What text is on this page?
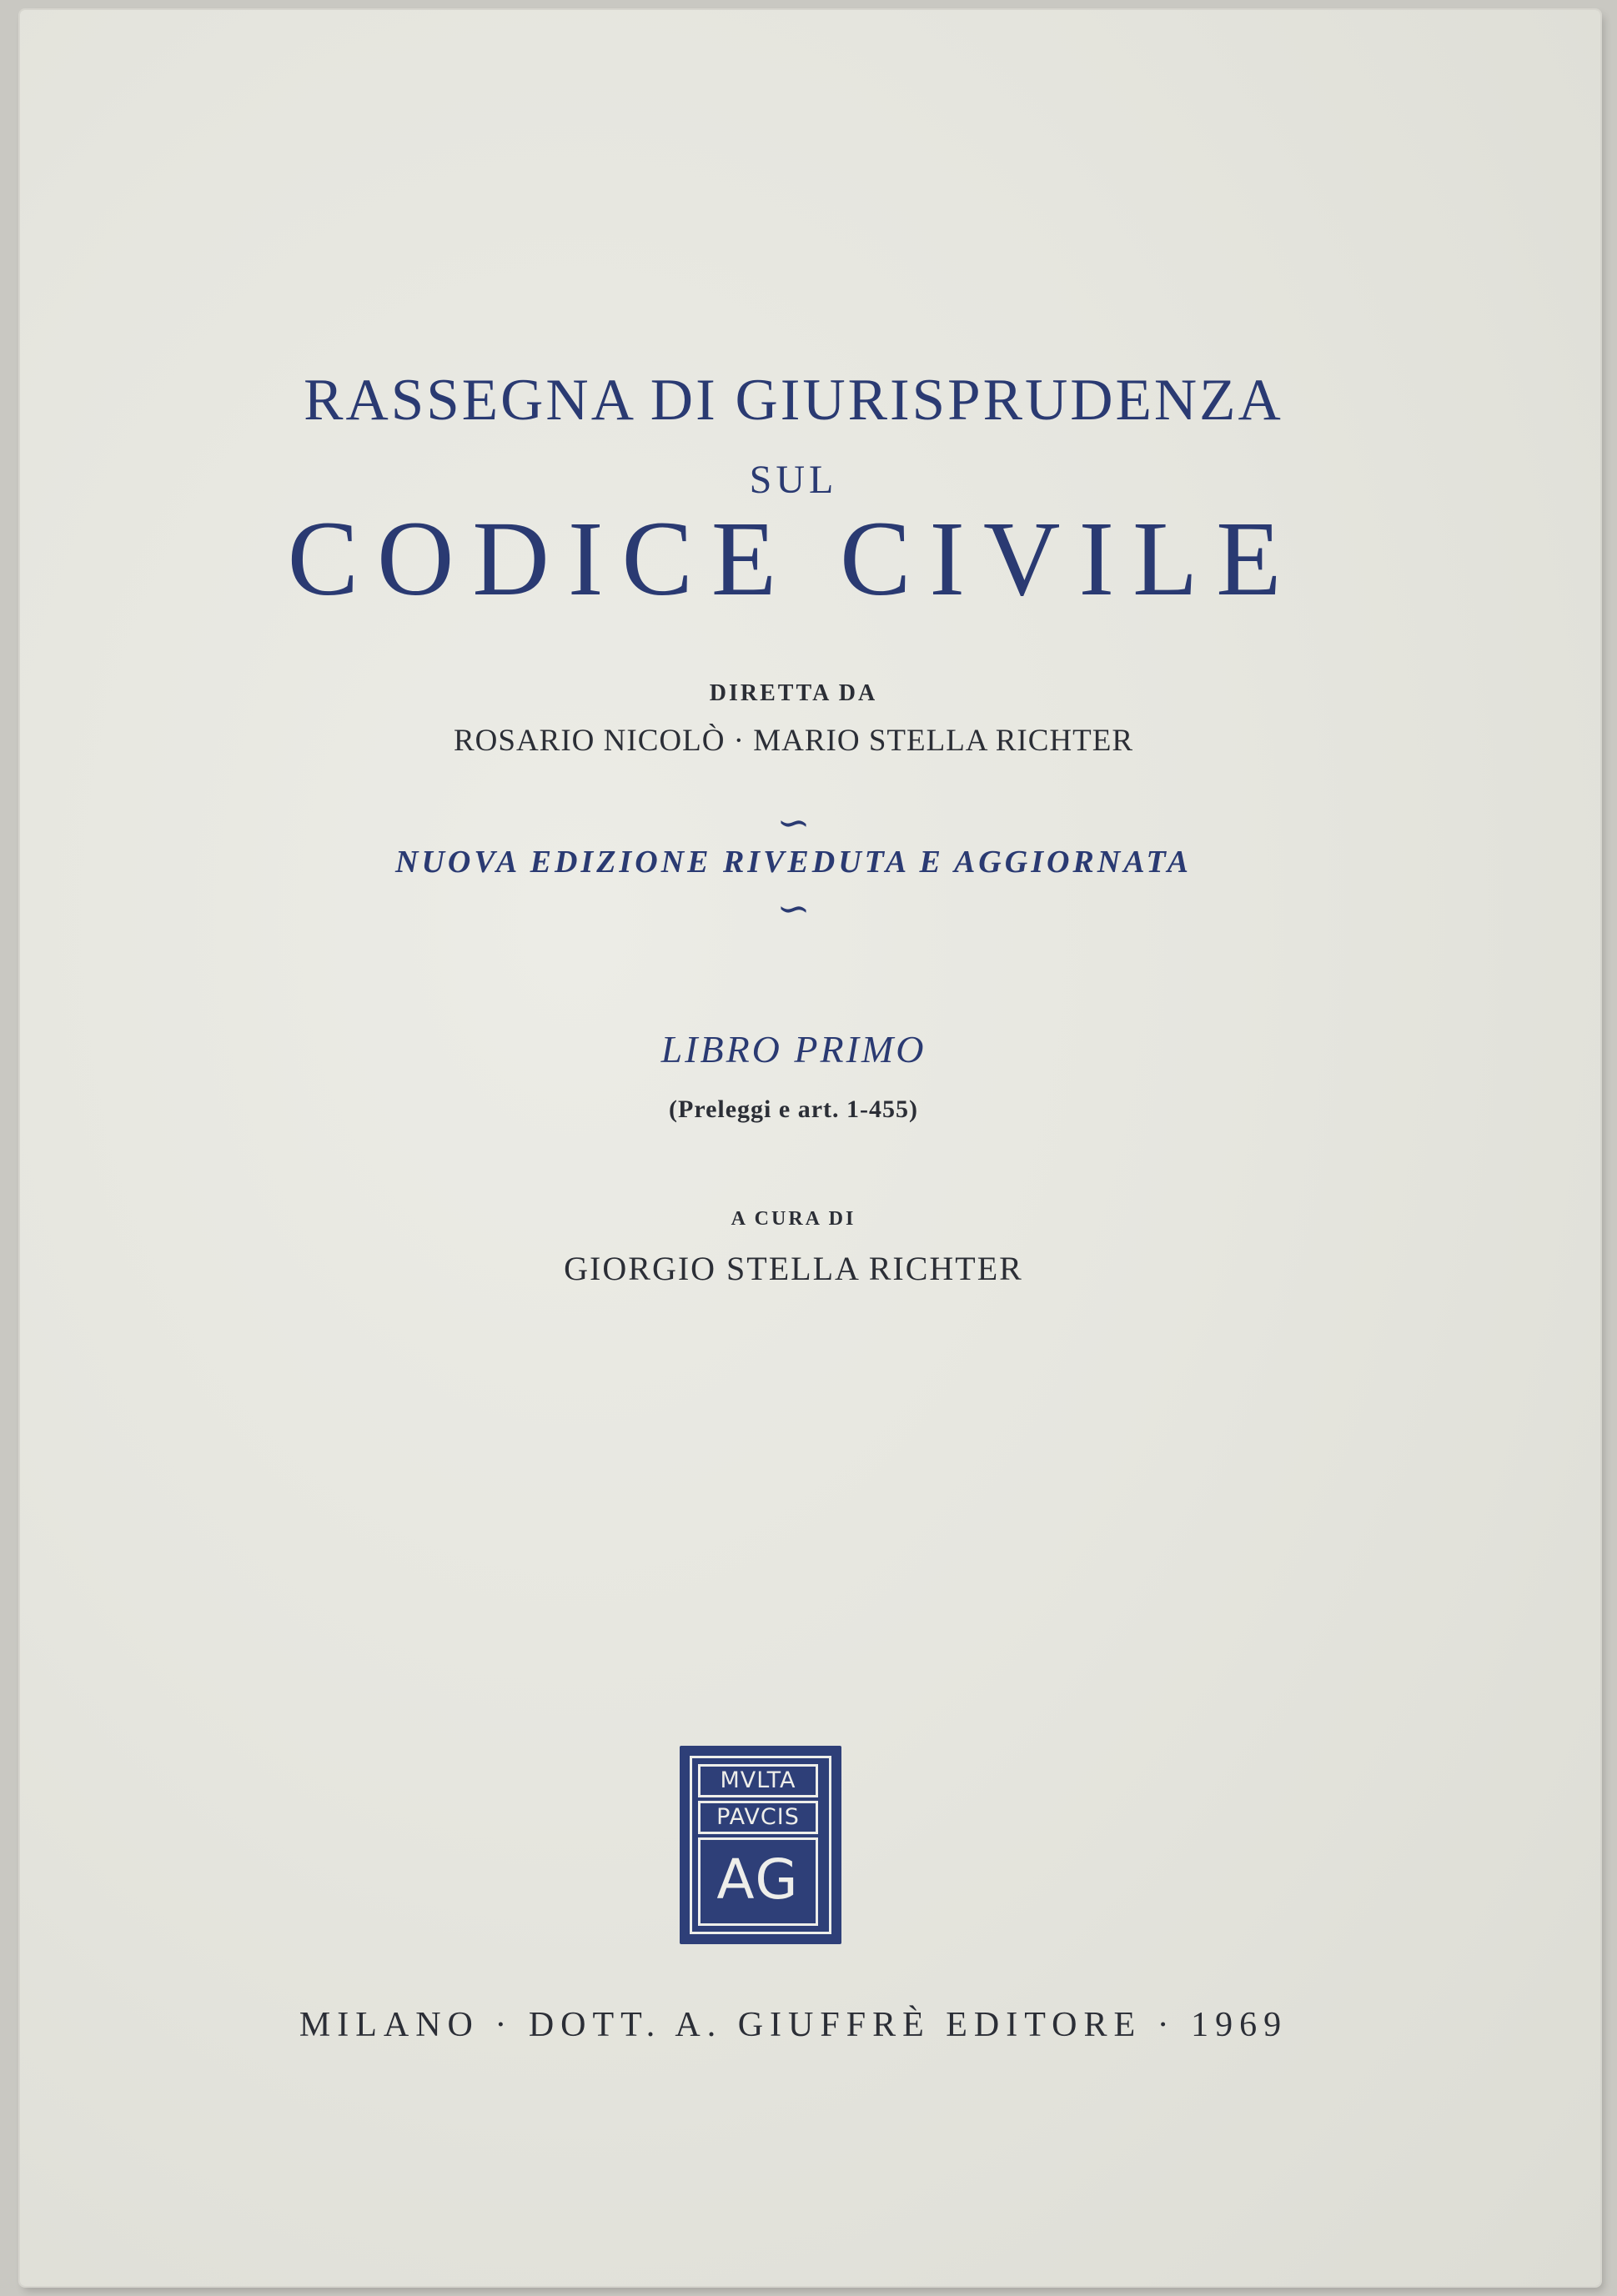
RASSEGNA DI GIURISPRUDENZA
SUL
CODICE CIVILE
DIRETTA DA
ROSARIO NICOLÒ · MARIO STELLA RICHTER
∽
NUOVA EDIZIONE RIVEDUTA E AGGIORNATA
∽
LIBRO PRIMO
(Preleggi e art. 1-455)
A CURA DI
GIORGIO STELLA RICHTER
MVLTA
PAVCIS
AG
MILANO · DOTT. A. GIUFFRÈ EDITORE · 1969
